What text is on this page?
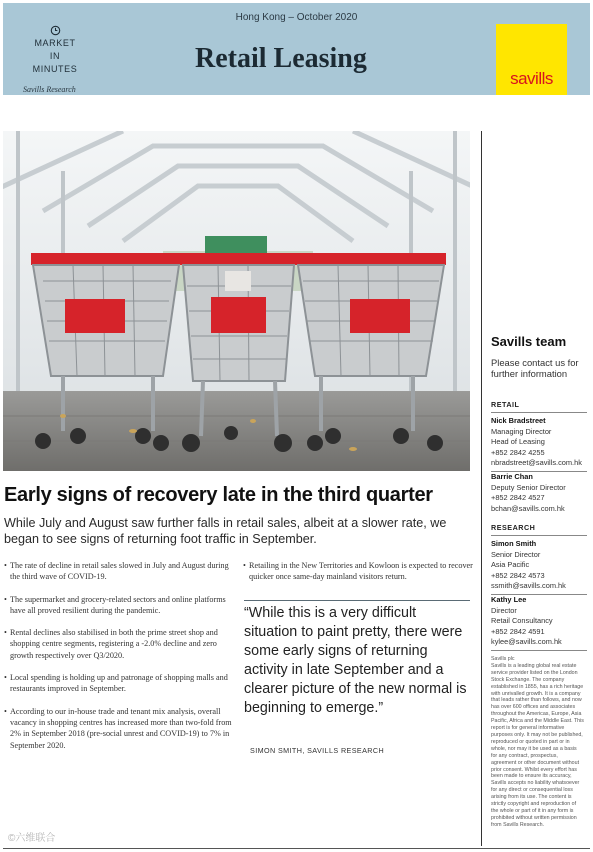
Hong Kong – October 2020
MARKET
IN
MINUTES
Savills Research
Retail Leasing
savills
Early signs of recovery late in the third quarter
While July and August saw further falls in retail sales, albeit at a slower rate, we began to see signs of returning foot traffic in September.
• The rate of decline in retail sales slowed in July and August during the third wave of COVID-19.
• The supermarket and grocery-related sectors and online platforms have all proved resilient during the pandemic.
• Rental declines also stabilised in both the prime street shop and shopping centre segments, registering a -2.0% decline and zero growth respectively over Q3/2020.
• Local spending is holding up and patronage of shopping malls and restaurants improved in September.
• According to our in-house trade and tenant mix analysis, overall vacancy in shopping centres has increased more than two-fold from 2% in September 2018 (pre-social unrest and COVID-19) to 7% in September 2020.
• Retailing in the New Territories and Kowloon is expected to recover quicker once same-day mainland visitors return.
“While this is a very difficult situation to paint pretty, there were some early signs of returning activity in late September and a clearer picture of the new normal is beginning to emerge.”
SIMON SMITH, SAVILLS RESEARCH
©六维联合
Savills team
Please contact us for further information
RETAIL
Nick Bradstreet
Managing Director
Head of Leasing
+852 2842 4255
nbradstreet@savills.com.hk
Barrie Chan
Deputy Senior Director
+852 2842 4527
bchan@savills.com.hk
RESEARCH
Simon Smith
Senior Director
Asia Pacific
+852 2842 4573
ssmith@savills.com.hk
Kathy Lee
Director
Retail Consultancy
+852 2842 4591
kylee@savills.com.hk
Savills plc
Savills is a leading global real estate service provider listed on the London Stock Exchange. The company established in 1855, has a rich heritage with unrivalled growth. It is a company that leads rather than follows, and now has over 600 offices and associates throughout the Americas, Europe, Asia Pacific, Africa and the Middle East. This report is for general informative purposes only. It may not be published, reproduced or quoted in part or in whole, nor may it be used as a basis for any contract, prospectus, agreement or other document without prior consent. Whilst every effort has been made to ensure its accuracy, Savills accepts no liability whatsoever for any direct or consequential loss arising from its use. The content is strictly copyright and reproduction of the whole or part of it in any form is prohibited without written permission from Savills Research.
